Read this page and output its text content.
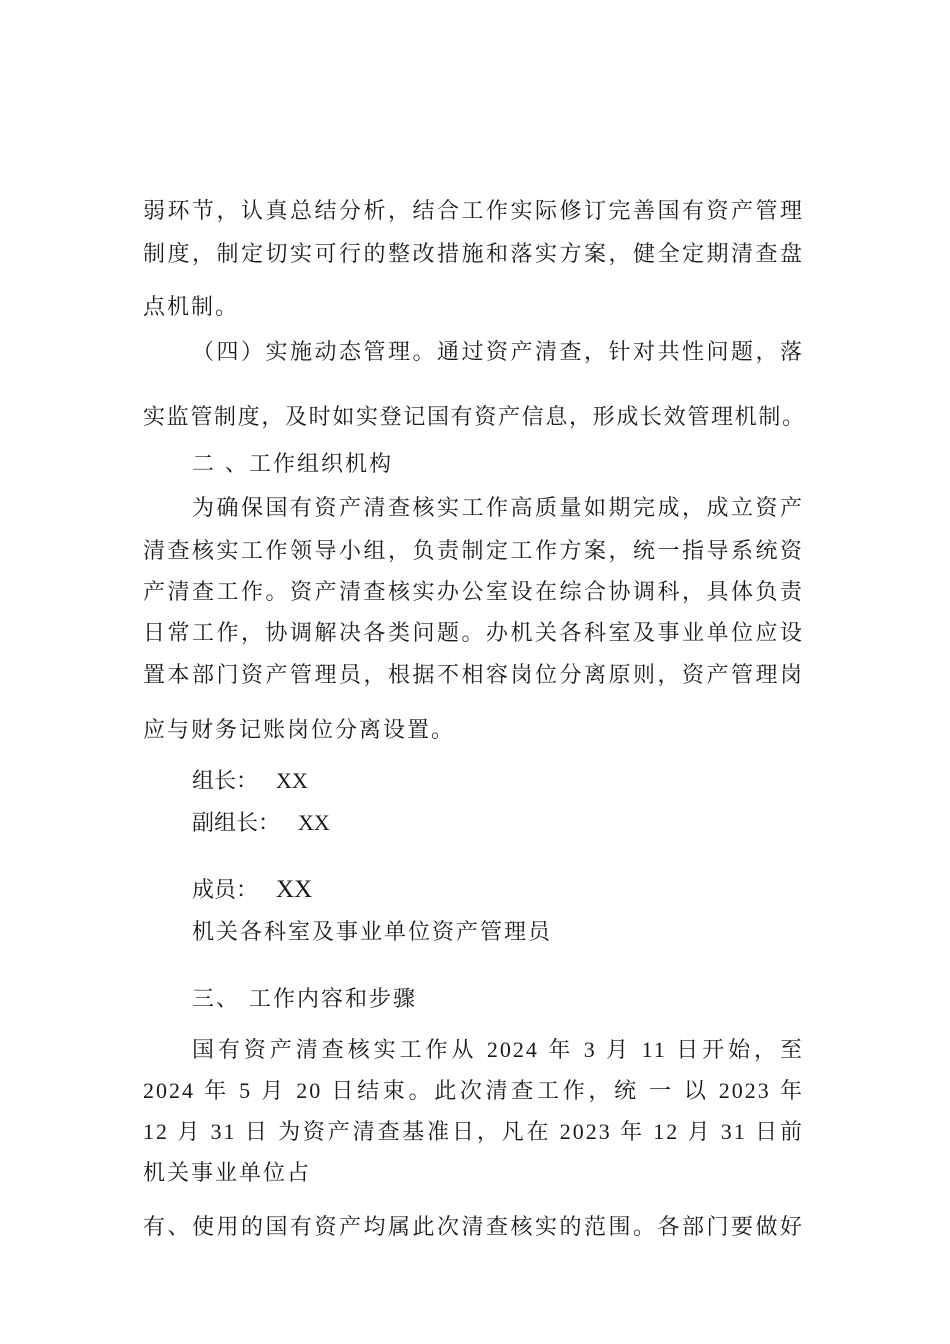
弱环节，认真总结分析，结合工作实际修订完善国有资产管理

制度，制定切实可行的整改措施和落实方案，健全定期清查盘

点机制。

（四）实施动态管理。通过资产清查，针对共性问题，落

实监管制度，及时如实登记国有资产信息，形成长效管理机制。

二 、工作组织机构

为确保国有资产清查核实工作高质量如期完成，成立资产

清查核实工作领导小组，负责制定工作方案，统一指导系统资

产清查工作。资产清查核实办公室设在综合协调科，具体负责

日常工作，协调解决各类问题。办机关各科室及事业单位应设

置本部门资产管理员，根据不相容岗位分离原则，资产管理岗

应与财务记账岗位分离设置。

组长： XX
副组长： XX
成员： XX

机关各科室及事业单位资产管理员

三、 工作内容和步骤

国有资产清查核实工作从 2024 年 3 月 11 日开始，至

2024 年 5 月 20 日结束。此次清查工作，统 一 以 2023 年

12 月 31 日 为资产清查基准日，凡在 2023 年 12 月 31 日前

机关事业单位占

有、使用的国有资产均属此次清查核实的范围。各部门要做好
